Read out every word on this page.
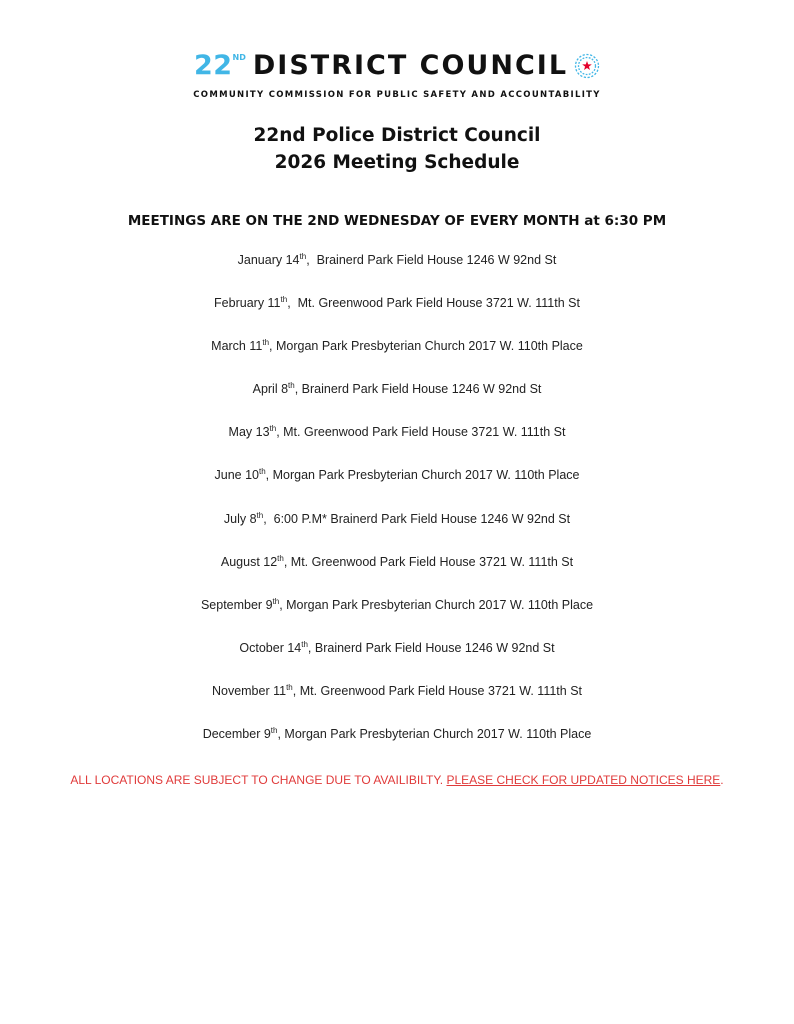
22 ND DISTRICT COUNCIL
COMMUNITY COMMISSION FOR PUBLIC SAFETY AND ACCOUNTABILITY
22nd Police District Council
2026 Meeting Schedule
MEETINGS ARE ON THE 2ND WEDNESDAY OF EVERY MONTH at 6:30 PM
January 14th,  Brainerd Park Field House 1246 W 92nd St
February 11th,  Mt. Greenwood Park Field House 3721 W. 111th St
March 11th, Morgan Park Presbyterian Church 2017 W. 110th Place
April 8th, Brainerd Park Field House 1246 W 92nd St
May 13th, Mt. Greenwood Park Field House 3721 W. 111th St
June 10th, Morgan Park Presbyterian Church 2017 W. 110th Place
July 8th,  6:00 P.M* Brainerd Park Field House 1246 W 92nd St
August 12th, Mt. Greenwood Park Field House 3721 W. 111th St
September 9th, Morgan Park Presbyterian Church 2017 W. 110th Place
October 14th, Brainerd Park Field House 1246 W 92nd St
November 11th, Mt. Greenwood Park Field House 3721 W. 111th St
December 9th, Morgan Park Presbyterian Church 2017 W. 110th Place
ALL LOCATIONS ARE SUBJECT TO CHANGE DUE TO AVAILIBILTY. PLEASE CHECK FOR UPDATED NOTICES HERE.
